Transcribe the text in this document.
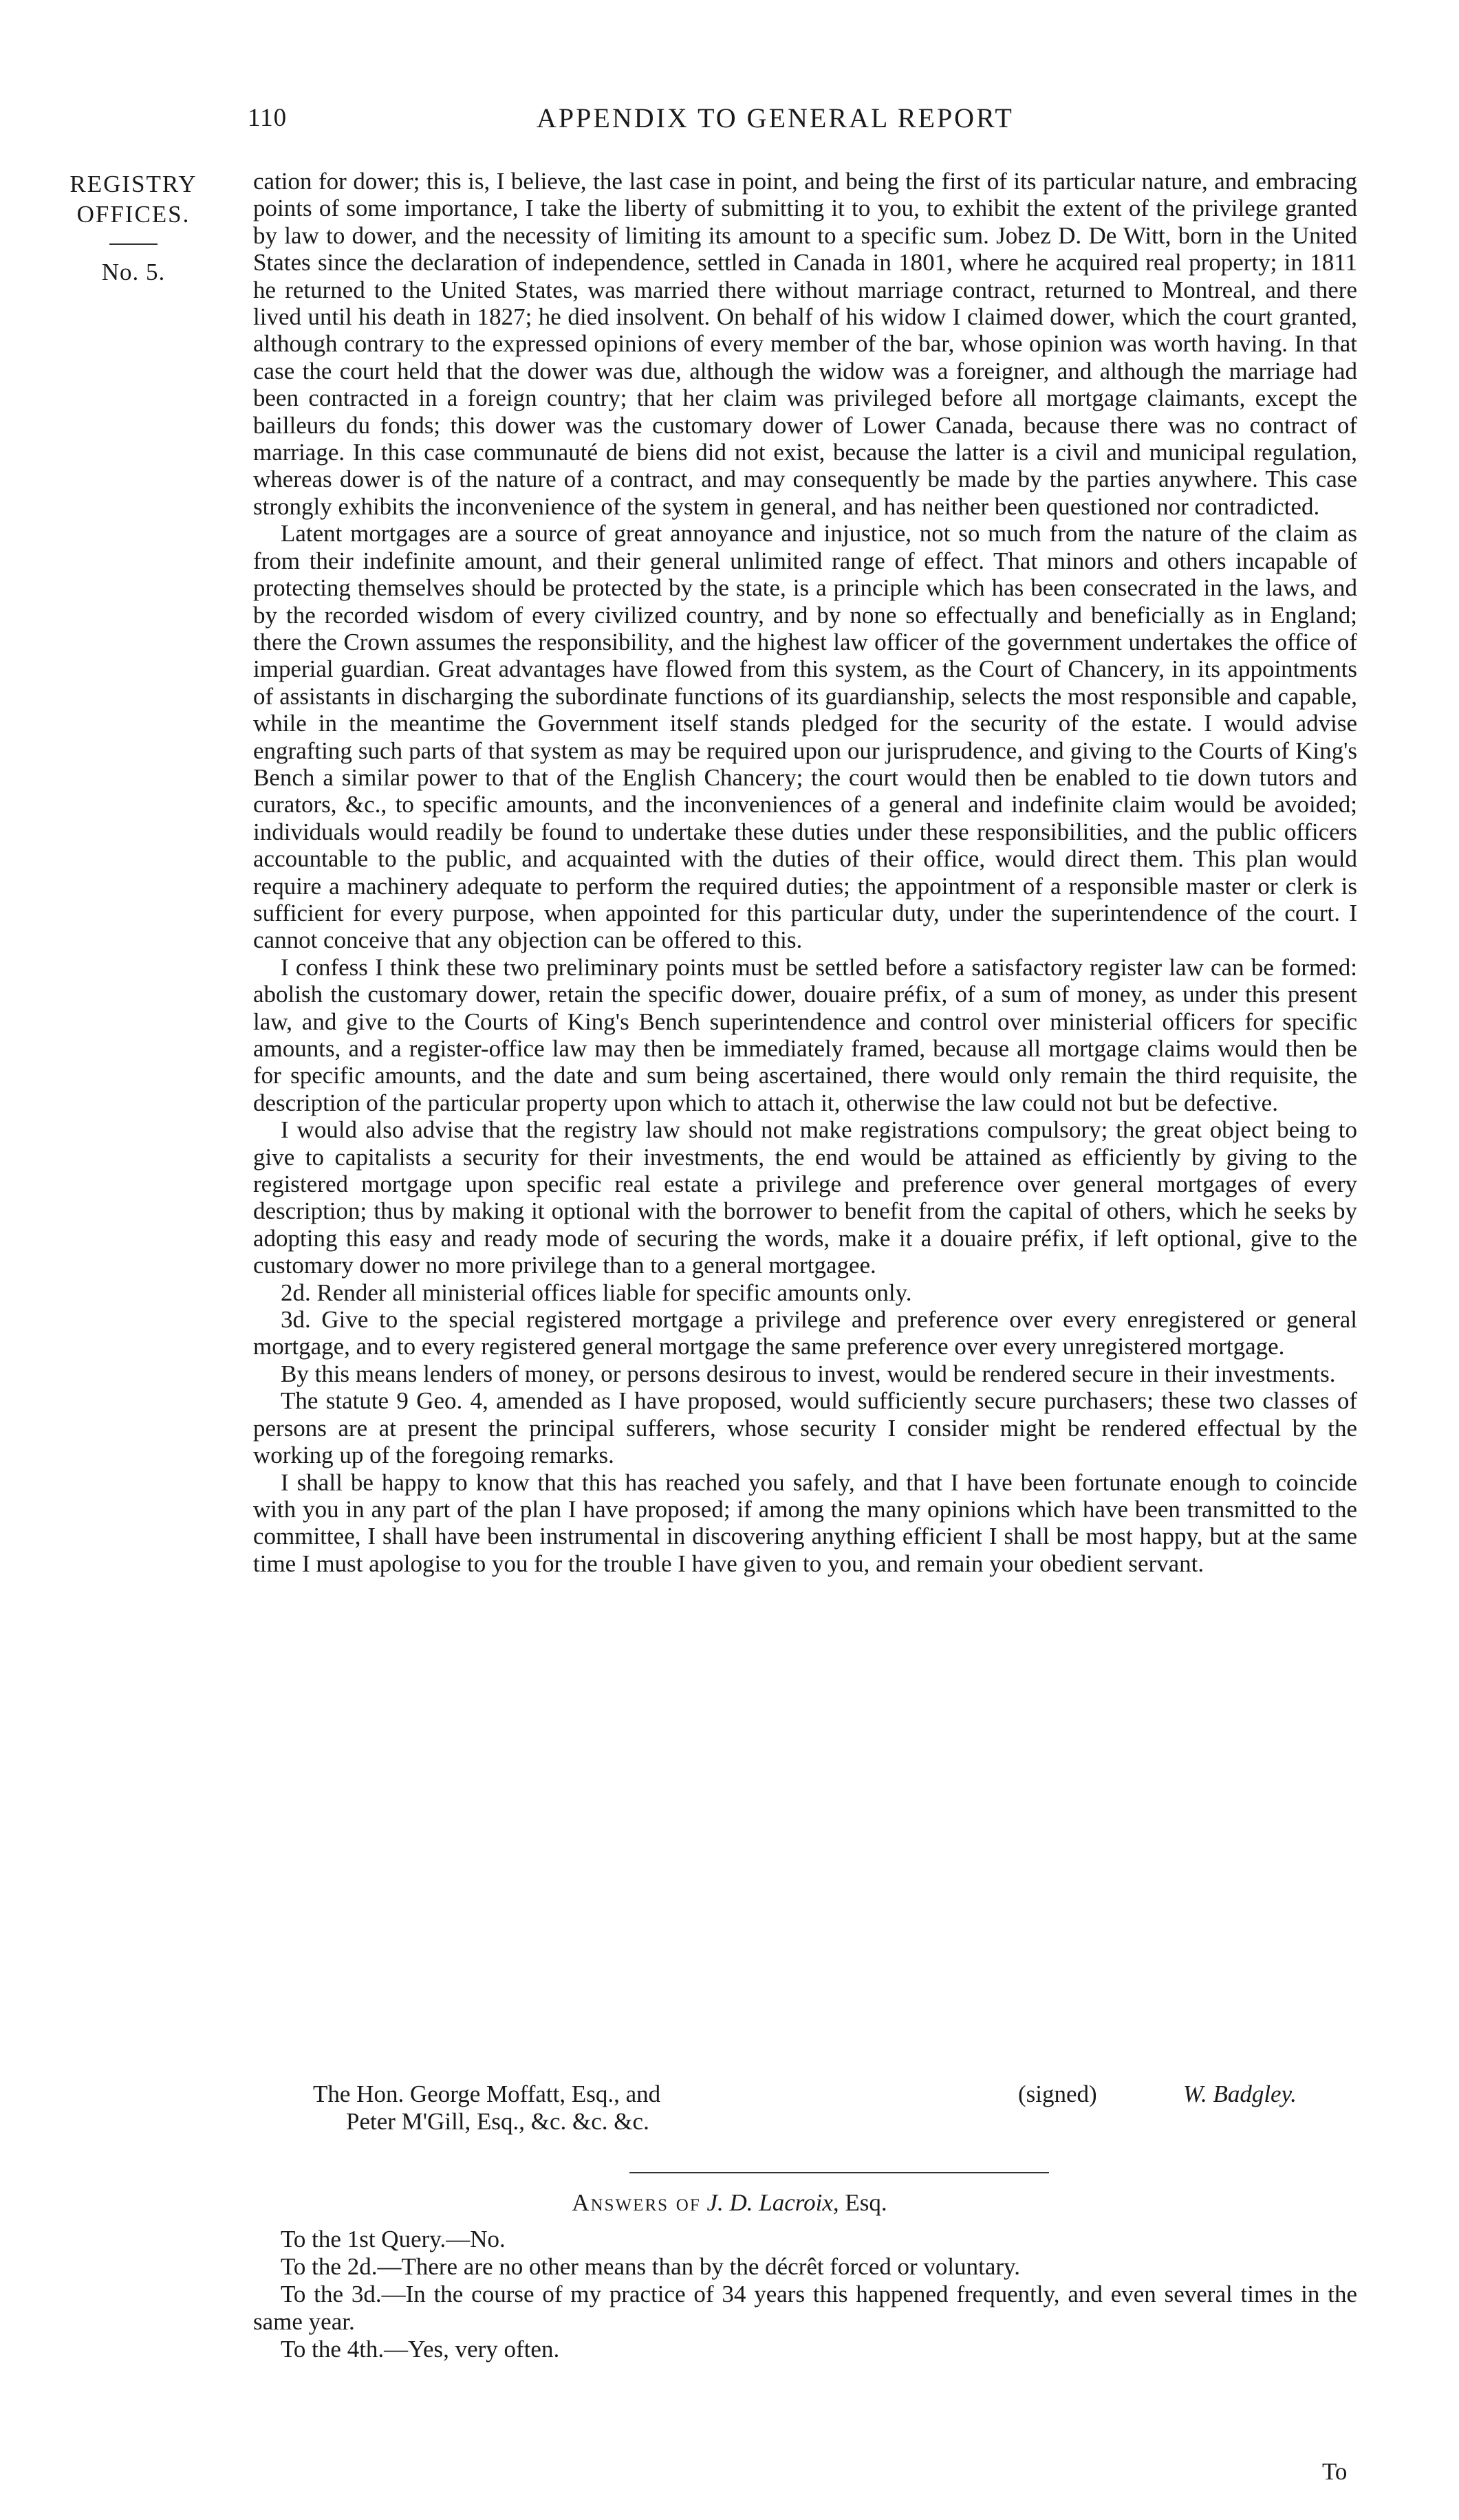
110	APPENDIX TO GENERAL REPORT
REGISTRY
OFFICES.
No. 5.

cation for dower; this is, I believe, the last case in point, and being the first of its particular nature, and embracing points of some importance, I take the liberty of submitting it to you, to exhibit the extent of the privilege granted by law to dower, and the necessity of limiting its amount to a specific sum. Jobez D. De Witt, born in the United States since the declaration of independence, settled in Canada in 1801, where he acquired real property; in 1811 he returned to the United States, was married there without marriage contract, returned to Montreal, and there lived until his death in 1827; he died insolvent. On behalf of his widow I claimed dower, which the court granted, although contrary to the expressed opinions of every member of the bar, whose opinion was worth having. In that case the court held that the dower was due, although the widow was a foreigner, and although the marriage had been contracted in a foreign country; that her claim was privileged before all mortgage claimants, except the bailleurs du fonds; this dower was the customary dower of Lower Canada, because there was no contract of marriage. In this case communauté de biens did not exist, because the latter is a civil and municipal regulation, whereas dower is of the nature of a contract, and may consequently be made by the parties anywhere. This case strongly exhibits the inconvenience of the system in general, and has neither been questioned nor contradicted.

Latent mortgages are a source of great annoyance and injustice, not so much from the nature of the claim as from their indefinite amount, and their general unlimited range of effect. That minors and others incapable of protecting themselves should be protected by the state, is a principle which has been consecrated in the laws, and by the recorded wisdom of every civilized country, and by none so effectually and beneficially as in England; there the Crown assumes the responsibility, and the highest law officer of the government undertakes the office of imperial guardian. Great advantages have flowed from this system, as the Court of Chancery, in its appointments of assistants in discharging the subordinate functions of its guardianship, selects the most responsible and capable, while in the meantime the Government itself stands pledged for the security of the estate. I would advise engrafting such parts of that system as may be required upon our jurisprudence, and giving to the Courts of King's Bench a similar power to that of the English Chancery; the court would then be enabled to tie down tutors and curators, &c., to specific amounts, and the inconveniences of a general and indefinite claim would be avoided; individuals would readily be found to undertake these duties under these responsibilities, and the public officers accountable to the public, and acquainted with the duties of their office, would direct them. This plan would require a machinery adequate to perform the required duties; the appointment of a responsible master or clerk is sufficient for every purpose, when appointed for this particular duty, under the superintendence of the court. I cannot conceive that any objection can be offered to this.

I confess I think these two preliminary points must be settled before a satisfactory register law can be formed: abolish the customary dower, retain the specific dower, douaire préfix, of a sum of money, as under this present law, and give to the Courts of King's Bench superintendence and control over ministerial officers for specific amounts, and a register-office law may then be immediately framed, because all mortgage claims would then be for specific amounts, and the date and sum being ascertained, there would only remain the third requisite, the description of the particular property upon which to attach it, otherwise the law could not but be defective.

I would also advise that the registry law should not make registrations compulsory; the great object being to give to capitalists a security for their investments, the end would be attained as efficiently by giving to the registered mortgage upon specific real estate a privilege and preference over general mortgages of every description; thus by making it optional with the borrower to benefit from the capital of others, which he seeks by adopting this easy and ready mode of securing the words, make it a douaire préfix, if left optional, give to the customary dower no more privilege than to a general mortgagee.

2d. Render all ministerial offices liable for specific amounts only.

3d. Give to the special registered mortgage a privilege and preference over every enregistered or general mortgage, and to every registered general mortgage the same preference over every unregistered mortgage.

By this means lenders of money, or persons desirous to invest, would be rendered secure in their investments.

The statute 9 Geo. 4, amended as I have proposed, would sufficiently secure purchasers; these two classes of persons are at present the principal sufferers, whose security I consider might be rendered effectual by the working up of the foregoing remarks.

I shall be happy to know that this has reached you safely, and that I have been fortunate enough to coincide with you in any part of the plan I have proposed; if among the many opinions which have been transmitted to the committee, I shall have been instrumental in discovering anything efficient I shall be most happy, but at the same time I must apologise to you for the trouble I have given to you, and remain your obedient servant.

The Hon. George Moffatt, Esq., and
Peter M'Gill, Esq., &c. &c. &c.
(signed)	W. Badgley.
Answers of J. D. Lacroix, Esq.

To the 1st Query.—No.

To the 2d.—There are no other means than by the décrêt forced or voluntary.

To the 3d.—In the course of my practice of 34 years this happened frequently, and even several times in the same year.

To the 4th.—Yes, very often.

To
